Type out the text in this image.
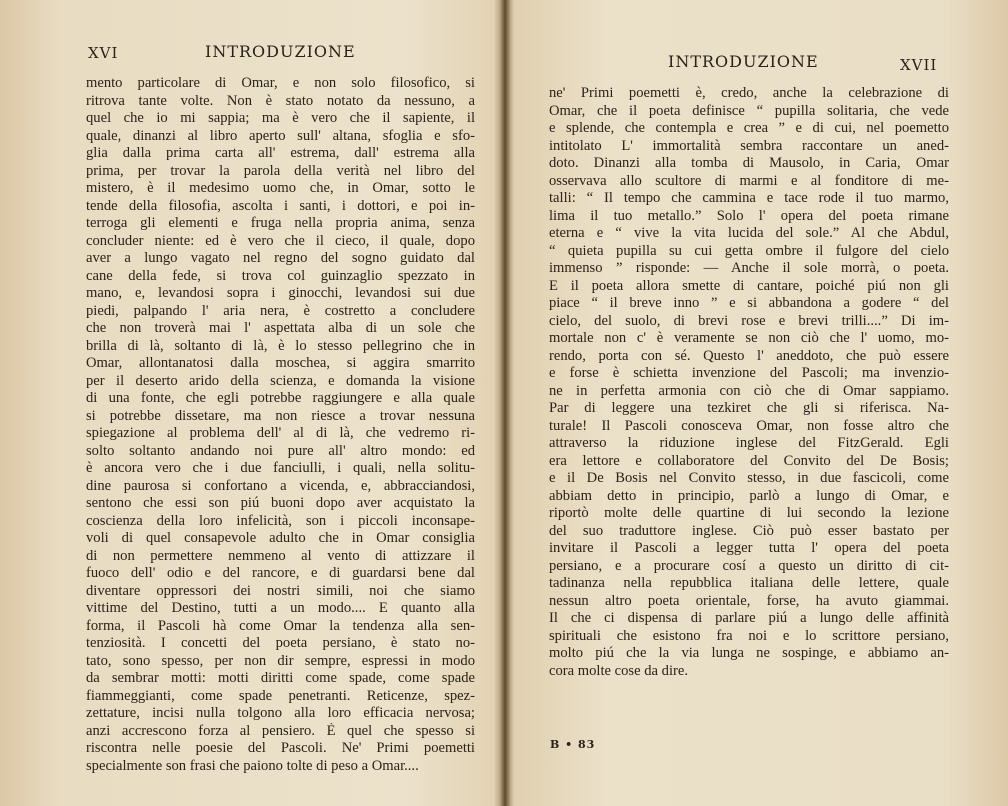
XVI	INTRODUZIONE
mento particolare di Omar, e non solo filosofico, si
ritrova tante volte. Non è stato notato da nessuno, a
quel che io mi sappia; ma è vero che il sapiente, il
quale, dinanzi al libro aperto sull' altana, sfoglia e sfo-
glia dalla prima carta all' estrema, dall' estrema alla
prima, per trovar la parola della verità nel libro del
mistero, è il medesimo uomo che, in Omar, sotto le
tende della filosofia, ascolta i santi, i dottori, e poi in-
terroga gli elementi e fruga nella propria anima, senza
concluder niente: ed è vero che il cieco, il quale, dopo
aver a lungo vagato nel regno del sogno guidato dal
cane della fede, si trova col guinzaglio spezzato in
mano, e, levandosi sopra i ginocchi, levandosi sui due
piedi, palpando l' aria nera, è costretto a concludere
che non troverà mai l' aspettata alba di un sole che
brilla di là, soltanto di là, è lo stesso pellegrino che in
Omar, allontanatosi dalla moschea, si aggira smarrito
per il deserto arido della scienza, e domanda la visione
di una fonte, che egli potrebbe raggiungere e alla quale
si potrebbe dissetare, ma non riesce a trovar nessuna
spiegazione al problema dell' al di là, che vedremo ri-
solto soltanto andando noi pure all' altro mondo: ed
è ancora vero che i due fanciulli, i quali, nella solitu-
dine paurosa si confortano a vicenda, e, abbracciandosi,
sentono che essi son piú buoni dopo aver acquistato la
coscienza della loro infelicità, son i piccoli inconsape-
voli di quel consapevole adulto che in Omar consiglia
di non permettere nemmeno al vento di attizzare il
fuoco dell' odio e del rancore, e di guardarsi bene dal
diventare oppressori dei nostri simili, noi che siamo
vittime del Destino, tutti a un modo.... E quanto alla
forma, il Pascoli hà come Omar la tendenza alla sen-
tenziosità. I concetti del poeta persiano, è stato no-
tato, sono spesso, per non dir sempre, espressi in modo
da sembrar motti: motti diritti come spade, come spade
fiammeggianti, come spade penetranti. Reticenze, spez-
zettature, incisi nulla tolgono alla loro efficacia nervosa;
anzi accrescono forza al pensiero. È quel che spesso si
riscontra nelle poesie del Pascoli. Ne' Primi poemetti
specialmente son frasi che paiono tolte di peso a Omar....
INTRODUZIONE	XVII
ne' Primi poemetti è, credo, anche la celebrazione di
Omar, che il poeta definisce “ pupilla solitaria, che vede
e splende, che contempla e crea ” e di cui, nel poemetto
intitolato L' immortalità sembra raccontare un aned-
doto. Dinanzi alla tomba di Mausolo, in Caria, Omar
osservava allo scultore di marmi e al fonditore di me-
talli: “ Il tempo che cammina e tace rode il tuo marmo,
lima il tuo metallo.” Solo l' opera del poeta rimane
eterna e “ vive la vita lucida del sole.” Al che Abdul,
“ quieta pupilla su cui getta ombre il fulgore del cielo
immenso ” risponde: — Anche il sole morrà, o poeta.
E il poeta allora smette di cantare, poiché piú non gli
piace “ il breve inno ” e si abbandona a godere “ del
cielo, del suolo, di brevi rose e brevi trilli....” Di im-
mortale non c' è veramente se non ciò che l' uomo, mo-
rendo, porta con sé. Questo l' aneddoto, che può essere
e forse è schietta invenzione del Pascoli; ma invenzio-
ne in perfetta armonia con ciò che di Omar sappiamo.
Par di leggere una tezkiret che gli si riferisca. Na-
turale! Il Pascoli conosceva Omar, non fosse altro che
attraverso la riduzione inglese del FitzGerald. Egli
era lettore e collaboratore del Convito del De Bosis;
e il De Bosis nel Convito stesso, in due fascicoli, come
abbiam detto in principio, parlò a lungo di Omar, e
riportò molte delle quartine di lui secondo la lezione
del suo traduttore inglese. Ciò può esser bastato per
invitare il Pascoli a legger tutta l' opera del poeta
persiano, e a procurare cosí a questo un diritto di cit-
tadinanza nella repubblica italiana delle lettere, quale
nessun altro poeta orientale, forse, ha avuto giammai.
Il che ci dispensa di parlare piú a lungo delle affinità
spirituali che esistono fra noi e lo scrittore persiano,
molto piú che la via lunga ne sospinge, e abbiamo an-
cora molte cose da dire.
B • 83
